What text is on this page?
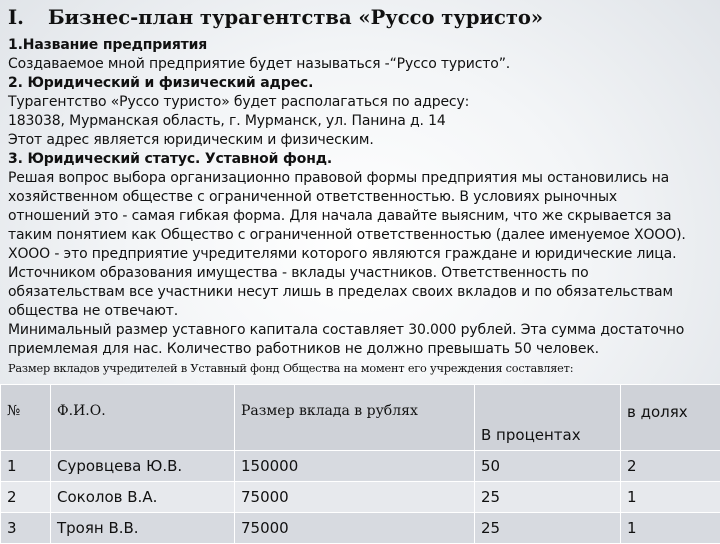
I. Бизнес-план турагентства «Руссо туристо»
1.Название предприятия
Создаваемое мной предприятие будет называться -“Руссо туристо”.
2. Юридический и физический адрес.
Турагентство «Руссо туристо» будет располагаться по адресу:
183038, Мурманская область, г. Мурманск, ул. Панина д. 14
Этот адрес является юридическим и физическим.
3. Юридический статус. Уставной фонд.
Решая вопрос выбора организационно правовой формы предприятия мы остановились на
хозяйственном обществе с ограниченной ответственностью. В условиях рыночных
отношений это - самая гибкая форма. Для начала давайте выясним, что же скрывается за
таким понятием как Общество с ограниченной ответственностью (далее именуемое ХООО).
ХООО - это предприятие учредителями которого являются граждане и юридические лица.
Источником образования имущества - вклады участников. Ответственность по
обязательствам все участники несут лишь в пределах своих вкладов и по обязательствам
общества не отвечают.
Минимальный размер уставного капитала составляет 30.000 рублей. Эта сумма достаточно
приемлемая для нас. Количество работников не должно превышать 50 человек.
Размер вкладов учредителей в Уставный фонд Общества на момент его учреждения составляет:
№	Ф.И.О.	Размер вклада в рублях	В процентах	в долях
1	Суровцева Ю.В.	150000	50	2
2	Соколов В.А.	75000	25	1
3	Троян В.В.	75000	25	1
